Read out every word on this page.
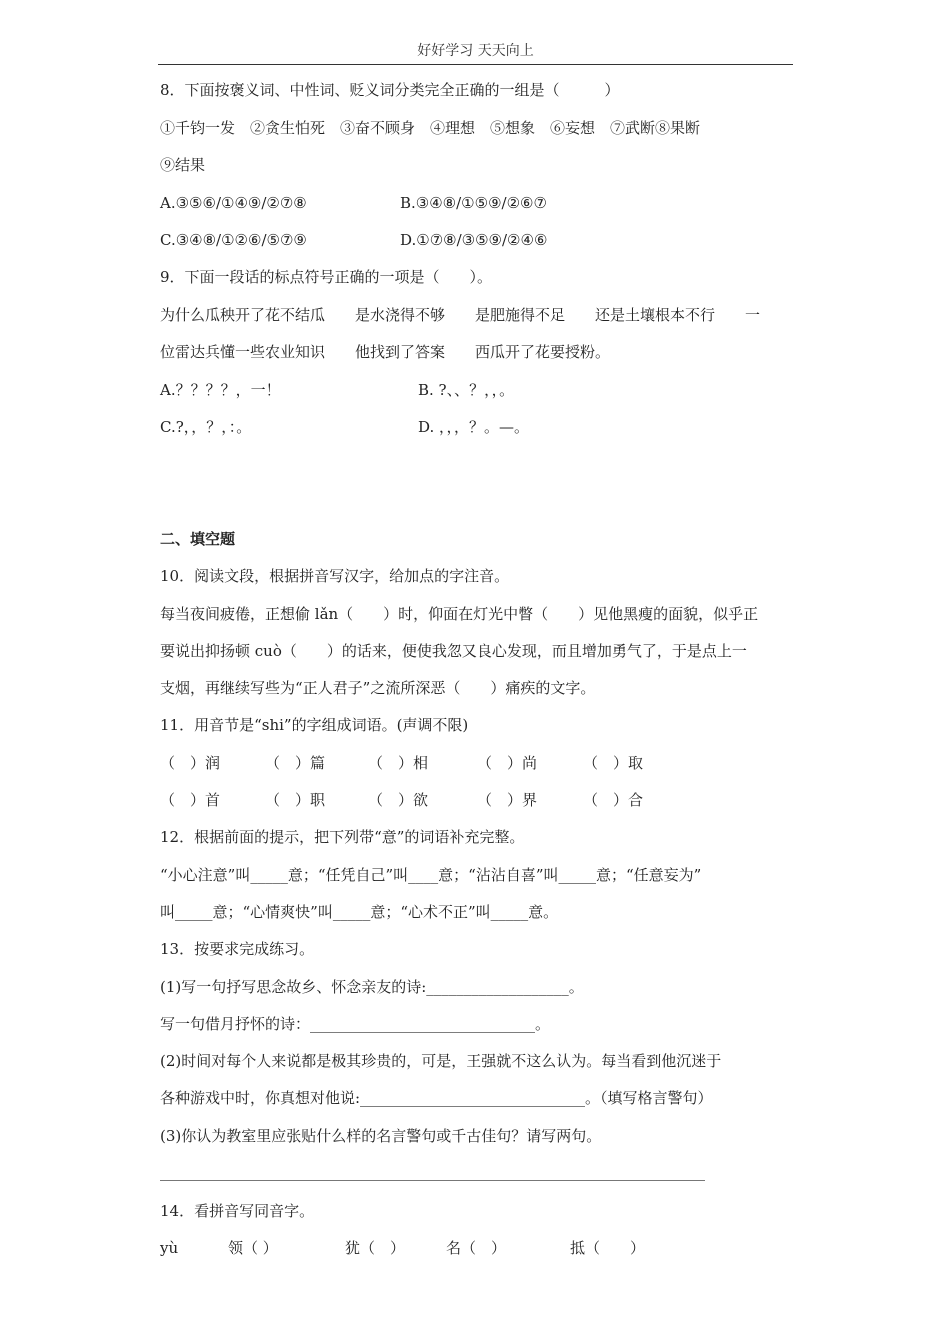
好好学习 天天向上
8．下面按褒义词、中性词、贬义词分类完全正确的一组是（　　　）
①千钧一发　②贪生怕死　③奋不顾身　④理想　⑤想象　⑥妄想　⑦武断⑧果断
⑨结果
A.③⑤⑥/①④⑨/②⑦⑧	B.③④⑧/①⑤⑨/②⑥⑦
C.③④⑧/①②⑥/⑤⑦⑨	D.①⑦⑧/③⑤⑨/②④⑥
9．下面一段话的标点符号正确的一项是（　　）。
为什么瓜秧开了花不结瓜　　是水浇得不够　　是肥施得不足　　还是土壤根本不行　　一
位雷达兵懂一些农业知识　　他找到了答案　　西瓜开了花要授粉。
A.？？？？，一！	B. ?、、？，，。
C.?，，？，：。	D. ，，，？。—。
二、填空题
10．阅读文段，根据拼音写汉字，给加点的字注音。
每当夜间疲倦，正想偷 lǎn（　　）时，仰面在灯光中瞥（　　）见他黑瘦的面貌，似乎正
要说出抑扬顿 cuò（　　）的话来，便使我忽又良心发现，而且增加勇气了，于是点上一
支烟，再继续写些为“正人君子”之流所深恶（　　）痛疾的文字。
11．用音节是“shi”的字组成词语。(声调不限)
（　）润	（　）篇	（　）相	（　）尚	（　）取
（　）首	（　）职	（　）欲	（　）界	（　）合
12．根据前面的提示，把下列带“意”的词语补充完整。
“小心注意”叫_____意；“任凭自己”叫____意；“沾沾自喜”叫_____意；“任意妄为”
叫_____意；“心情爽快”叫_____意；“心术不正”叫_____意。
13．按要求完成练习。
(1)写一句抒写思念故乡、怀念亲友的诗:___________________。
写一句借月抒怀的诗：______________________________。
(2)时间对每个人来说都是极其珍贵的，可是，王强就不这么认为。每当看到他沉迷于
各种游戏中时，你真想对他说:______________________________。（填写格言警句）
(3)你认为教室里应张贴什么样的名言警句或千古佳句？请写两句。
14．看拼音写同音字。
yù	领（ ）	犹（　）	名（　）	抵（　　）
